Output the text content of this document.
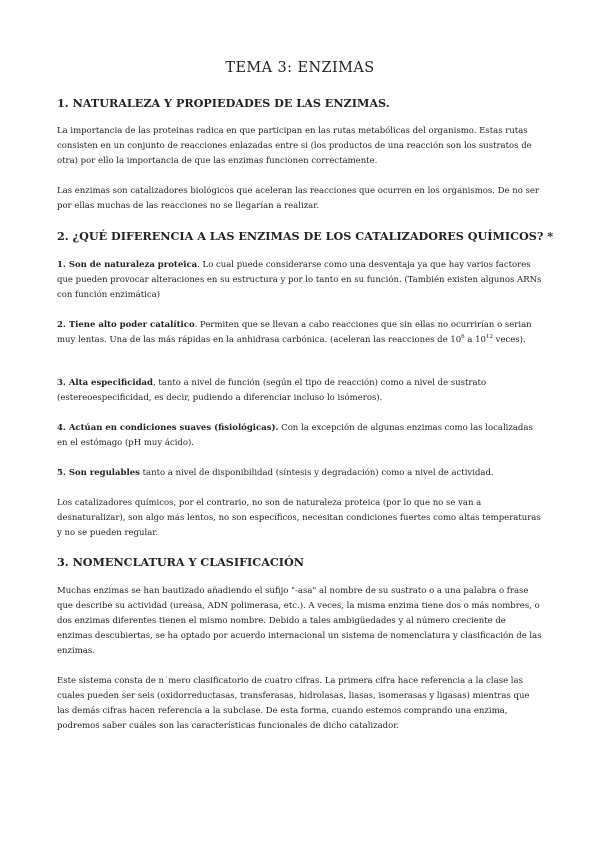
TEMA 3: ENZIMAS
1. NATURALEZA Y PROPIEDADES DE LAS ENZIMAS.

La importancia de las proteinas radica en que participan en las rutas metabólicas del organismo. Estas rutas consisten en un conjunto de reacciones enlazadas entre si (los productos de una reacción son los sustratos de otra) por ello la importancia de que las enzimas funcionen correctamente.

Las enzimas son catalizadores biológicos que aceleran las reacciones que ocurren en los organismos. De no ser por ellas muchas de las reacciones no se llegarían a realizar.

2. ¿QUÉ DIFERENCIA A LAS ENZIMAS DE LOS CATALIZADORES QUÍMICOS? *

1. Son de naturaleza proteica. Lo cual puede considerarse como una desventaja ya que hay varios factores que pueden provocar alteraciones en su estructura y por lo tanto en su función. (También existen algunos ARNs con función enzimática)

2. Tiene alto poder catalítico. Permiten que se llevan a cabo reacciones que sin ellas no ocurrirían o serian muy lentas. Una de las más rápidas en la anhidrasa carbónica. (aceleran las reacciones de $10^6$ a $10^{12}$ veces).

3. Alta especificidad, tanto a nivel de función (según el tipo de reacción) como a nivel de sustrato (estereoespecificidad, es decir, pudiendo a diferenciar incluso lo isómeros).

4. Actúan en condiciones suaves (fisiológicas). Con la excepción de algunas enzimas como las localizadas en el estómago (pH muy ácido).

5. Son regulables tanto a nivel de disponibilidad (síntesis y degradación) como a nivel de actividad.

Los catalizadores químicos, por el contrario, no son de naturaleza proteica (por lo que no se van a desnaturalizar), son algo más lentos, no son específicos, necesitan condiciones fuertes como altas temperaturas y no se pueden regular.

3. NOMENCLATURA Y CLASIFICACIÓN

Muchas enzimas se han bautizado añadiendo el sufijo "-asa" al nombre de su sustrato o a una palabra o frase que describe su actividad (ureasa, ADN polimerasa, etc.). A veces, la misma enzima tiene dos o más nombres, o dos enzimas diferentes tienen el mismo nombre. Debido a tales ambigüedades y al número creciente de enzimas descubiertas, se ha optado por acuerdo internacional un sistema de nomenclatura y clasificación de las enzimas.

Este sistema consta de n˙mero clasificatorio de cuatro cifras. La primera cifra hace referencia a la clase las cuales pueden ser seis (oxidorreductasas, transferasas, hidrolasas, liasas, isomerasas y ligasas) mientras que las demás cifras hacen referencia a la subclase. De esta forma, cuando estemos comprando una enzima, podremos saber cuáles son las características funcionales de dicho catalizador.
